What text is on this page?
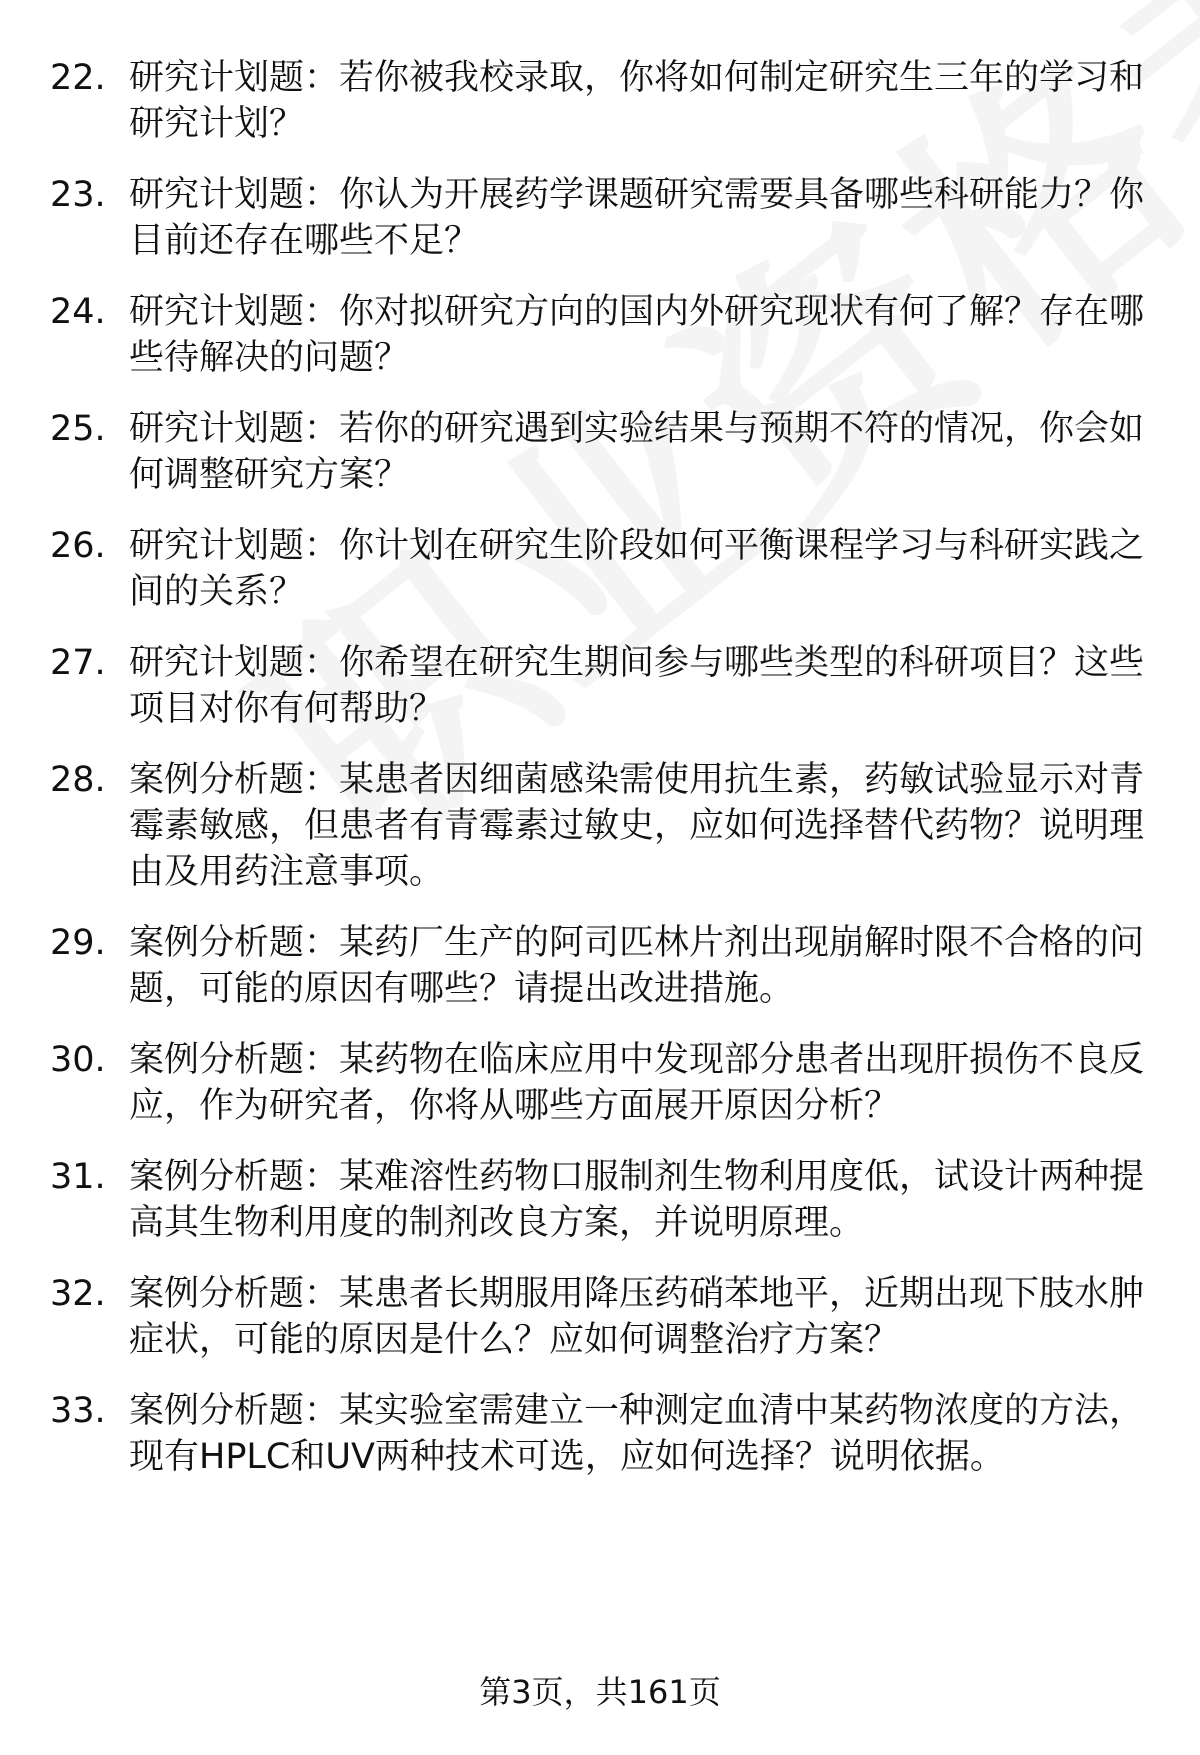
22. 研究计划题：若你被我校录取，你将如何制定研究生三年的学习和研究计划？
23. 研究计划题：你认为开展药学课题研究需要具备哪些科研能力？你目前还存在哪些不足？
24. 研究计划题：你对拟研究方向的国内外研究现状有何了解？存在哪些待解决的问题？
25. 研究计划题：若你的研究遇到实验结果与预期不符的情况，你会如何调整研究方案？
26. 研究计划题：你计划在研究生阶段如何平衡课程学习与科研实践之间的关系？
27. 研究计划题：你希望在研究生期间参与哪些类型的科研项目？这些项目对你有何帮助？
28. 案例分析题：某患者因细菌感染需使用抗生素，药敏试验显示对青霉素敏感，但患者有青霉素过敏史，应如何选择替代药物？说明理由及用药注意事项。
29. 案例分析题：某药厂生产的阿司匹林片剂出现崩解时限不合格的问题，可能的原因有哪些？请提出改进措施。
30. 案例分析题：某药物在临床应用中发现部分患者出现肝损伤不良反应，作为研究者，你将从哪些方面展开原因分析？
31. 案例分析题：某难溶性药物口服制剂生物利用度低，试设计两种提高其生物利用度的制剂改良方案，并说明原理。
32. 案例分析题：某患者长期服用降压药硝苯地平，近期出现下肢水肿症状，可能的原因是什么？应如何调整治疗方案？
33. 案例分析题：某实验室需建立一种测定血清中某药物浓度的方法，现有HPLC和UV两种技术可选，应如何选择？说明依据。
第3页，共161页
